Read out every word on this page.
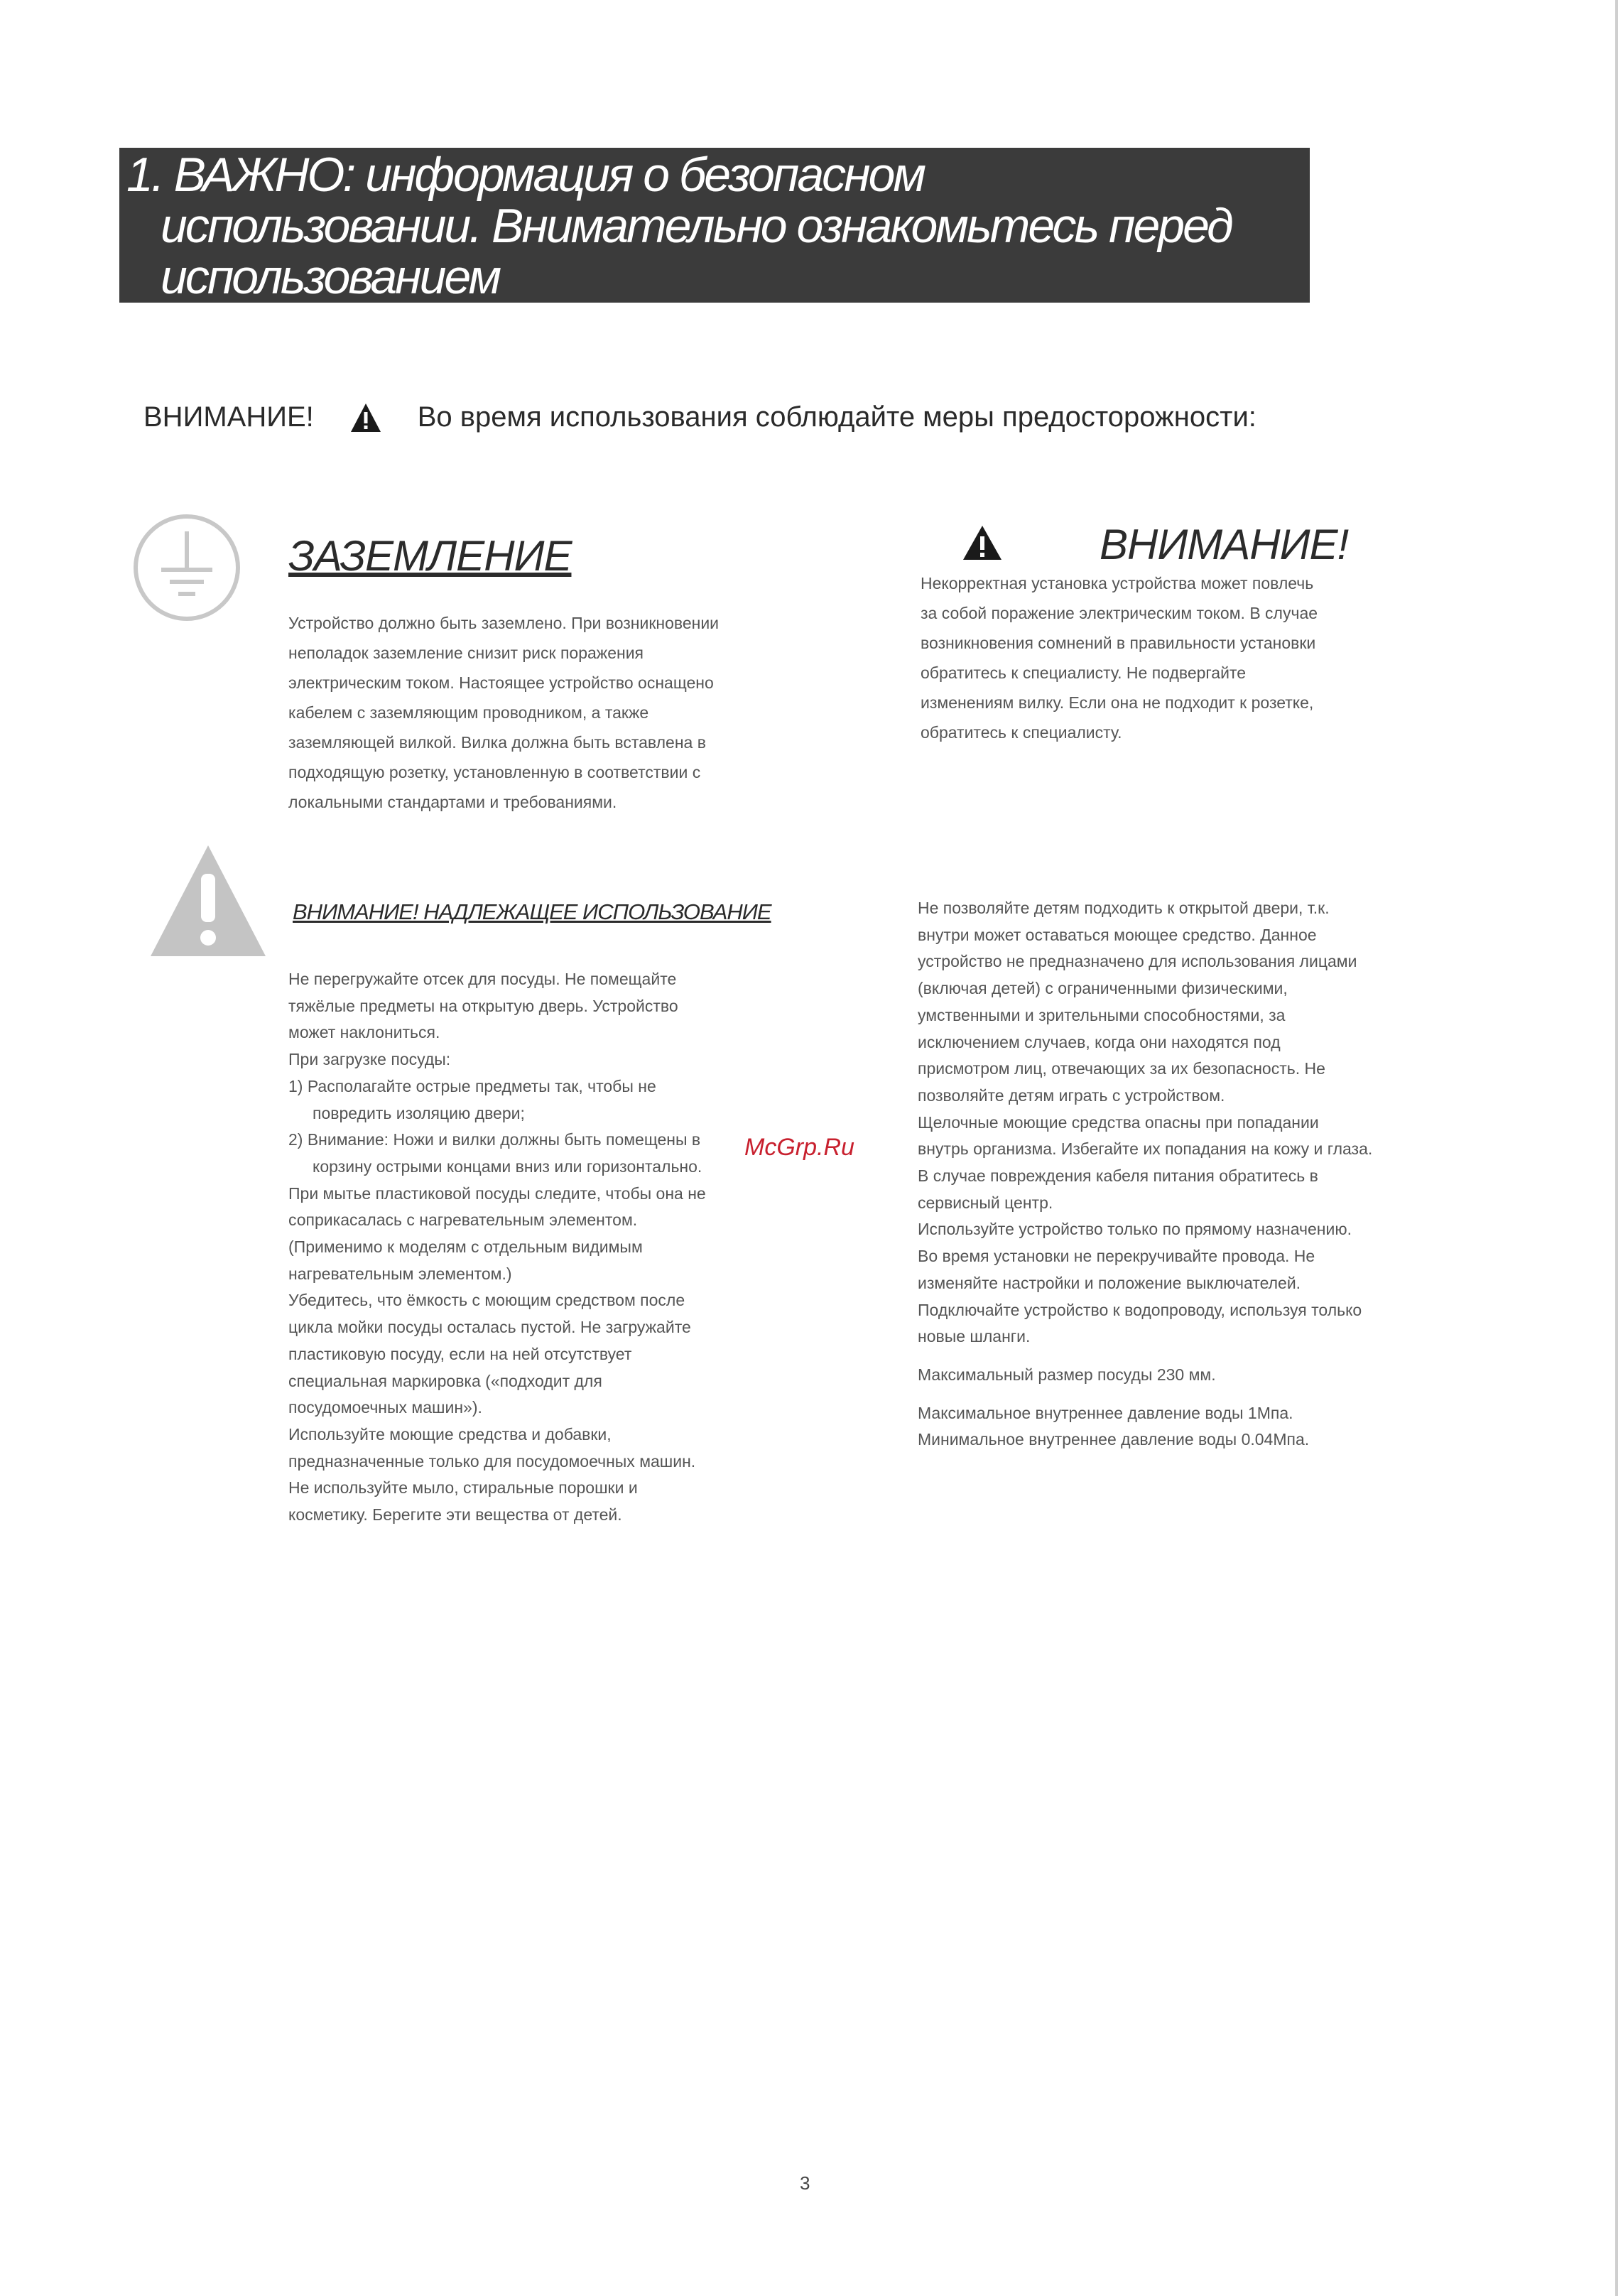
1. ВАЖНО: информация о безопасном
использовании. Внимательно ознакомьтесь перед
использованием
ВНИМАНИЕ!	Во время использования соблюдайте меры предосторожности:
ЗАЗЕМЛЕНИЕ

Устройство должно быть заземлено. При возникновении

неполадок заземление снизит риск поражения

электрическим током. Настоящее устройство оснащено

кабелем с заземляющим проводником, а также

заземляющей вилкой. Вилка должна быть вставлена в

подходящую розетку, установленную в соответствии с

локальными стандартами и требованиями.

ВНИМАНИЕ!

Некорректная установка устройства может повлечь

за собой поражение электрическим током. В случае

возникновения сомнений в правильности установки

обратитесь к специалисту. Не подвергайте

изменениям вилку. Если она не подходит к розетке,

обратитесь к специалисту.

ВНИМАНИЕ! НАДЛЕЖАЩЕЕ ИСПОЛЬЗОВАНИЕ

Не перегружайте отсек для посуды. Не помещайте

тяжёлые предметы на открытую дверь. Устройство

может наклониться.

При загрузке посуды:

1) Располагайте острые предметы так, чтобы не

повредить изоляцию двери;

2) Внимание: Ножи и вилки должны быть помещены в

корзину острыми концами вниз или горизонтально.

При мытье пластиковой посуды следите, чтобы она не

соприкасалась с нагревательным элементом.

(Применимо к моделям с отдельным видимым

нагревательным элементом.)

Убедитесь, что ёмкость с моющим средством после

цикла мойки посуды осталась пустой. Не загружайте

пластиковую посуду, если на ней отсутствует

специальная маркировка («подходит для

посудомоечных машин»).

Используйте моющие средства и добавки,

предназначенные только для посудомоечных машин.

Не используйте мыло, стиральные порошки и

косметику. Берегите эти вещества от детей.

Не позволяйте детям подходить к открытой двери, т.к.

внутри может оставаться моющее средство. Данное

устройство не предназначено для использования лицами

(включая детей) с ограниченными физическими,

умственными и зрительными способностями, за

исключением случаев, когда они находятся под

присмотром лиц, отвечающих за их безопасность. Не

позволяйте детям играть с устройством.

Щелочные моющие средства опасны при попадании

внутрь организма. Избегайте их попадания на кожу и глаза.

В случае повреждения кабеля питания обратитесь в

сервисный центр.

Используйте устройство только по прямому назначению.

Во время установки не перекручивайте провода. Не

изменяйте настройки и положение выключателей.

Подключайте устройство к водопроводу, используя только

новые шланги.

Максимальный размер посуды 230 мм.

Максимальное внутреннее давление воды 1Мпа.

Минимальное внутреннее давление воды 0.04Мпа.

McGrp.Ru
3
